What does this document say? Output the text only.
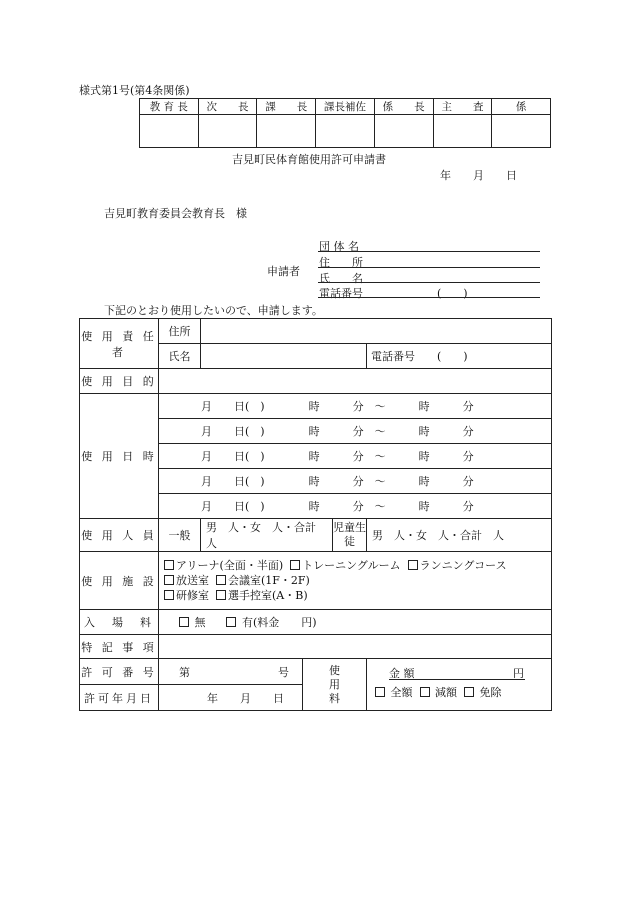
様式第1号(第4条関係)
教 育 長	次　　長	課　　長	課長補佐	係　　長	主　　査	係

吉見町民体育館使用許可申請書
年　　月　　日
吉見町教育委員会教育長　様
申請者
団 体 名
住　　所
氏　　名
電話番号	(　　)
下記のとおり使用したいので、申請します。
使 用 責 任 者	住所				
	氏名				電話番号　　(　　)
使 用 目 的					
使 用 日 時	月　　日(　)　　　　時　　　分　～　　　時　　　分				
	月　　日(　)　　　　時　　　分　～　　　時　　　分				
	月　　日(　)　　　　時　　　分　～　　　時　　　分				
	月　　日(　)　　　　時　　　分　～　　　時　　　分				
	月　　日(　)　　　　時　　　分　～　　　時　　　分				
使 用 人 員	一般	男　人・女　人・合計　人		児童生徒	男　人・女　人・合計　人
使 用 施 設	アリーナ(全面・半面) トレーニングルーム ランニングコース
放送室 会議室(1F・2F)
研修室 選手控室(A・B)				
入　場　料	無 有(料金　　円)				
特 記 事 項					
許 可 番 号	第　　　　　　　　号		使用料		金 額 円
全額 減額 免除

許可年月日	年　　月　　日				
